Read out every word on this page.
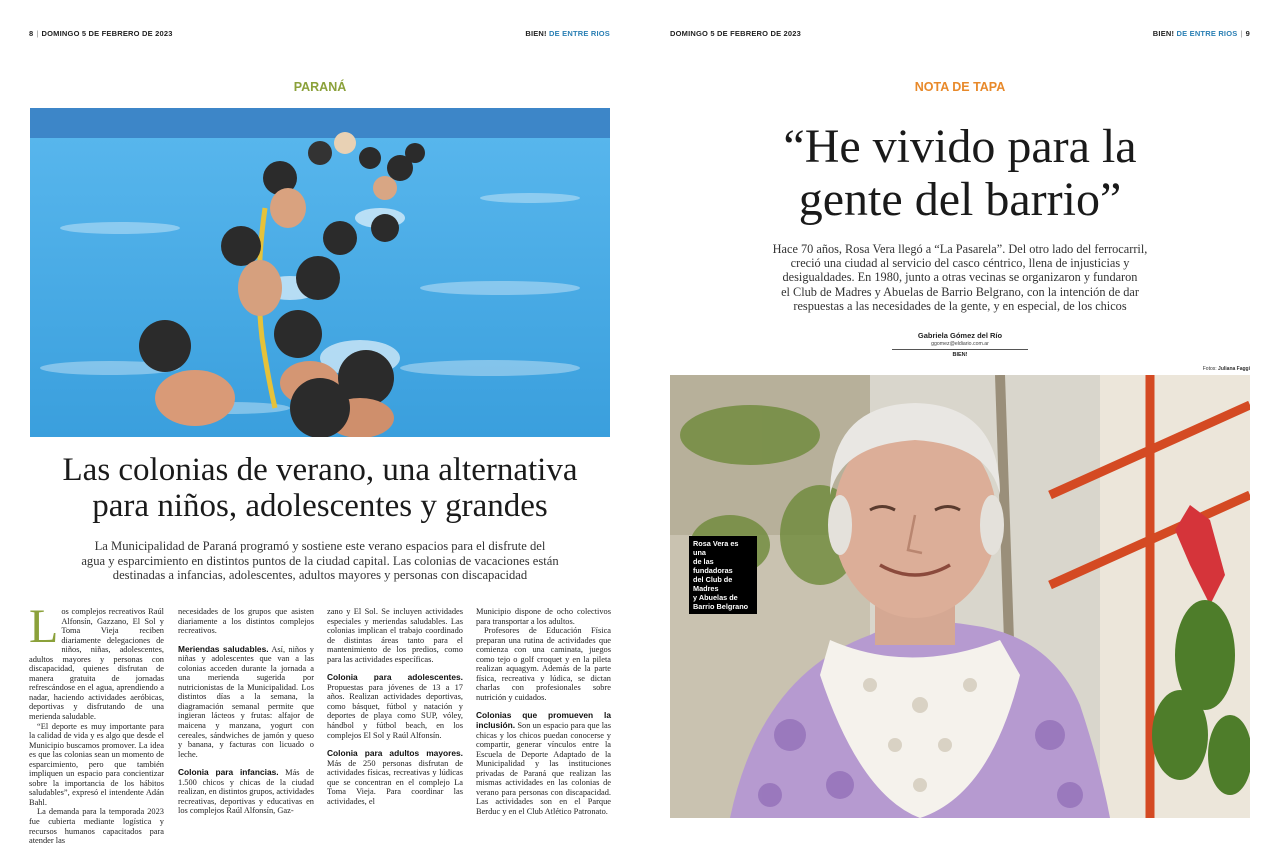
8 | DOMINGO 5 DE FEBRERO DE 2023	BIEN! DE ENTRE RIOS
PARANÁ
Las colonias de verano, una alternativa
para niños, adolescentes y grandes
La Municipalidad de Paraná programó y sostiene este verano espacios para el disfrute del
agua y esparcimiento en distintos puntos de la ciudad capital. Las colonias de vacaciones están
destinadas a infancias, adolescentes, adultos mayores y personas con discapacidad

Los complejos recreativos Raúl Alfonsín, Gazzano, El Sol y Toma Vieja reciben diariamente delegaciones de niños, niñas, adolescentes, adultos mayores y personas con discapacidad, quienes disfrutan de manera gratuita de jornadas refrescándose en el agua, aprendiendo a nadar, haciendo actividades aeróbicas, deportivas y disfrutando de una merienda saludable.

“El deporte es muy importante para la calidad de vida y es algo que desde el Municipio buscamos promover. La idea es que las colonias sean un momento de esparcimiento, pero que también impliquen un espacio para concientizar sobre la importancia de los hábitos saludables”, expresó el intendente Adán Bahl.

La demanda para la temporada 2023 fue cubierta mediante logística y recursos humanos capacitados para atender las

necesidades de los grupos que asisten diariamente a los distintos complejos recreativos.

Meriendas saludables. Así, niños y niñas y adolescentes que van a las colonias acceden durante la jornada a una merienda sugerida por nutricionistas de la Municipalidad. Los distintos días a la semana, la diagramación semanal permite que ingieran lácteos y frutas: alfajor de maicena y manzana, yogurt con cereales, sándwiches de jamón y queso y banana, y facturas con licuado o leche.

Colonia para infancias. Más de 1.500 chicos y chicas de la ciudad realizan, en distintos grupos, actividades recreativas, deportivas y educativas en los complejos Raúl Alfonsín, Gaz-

zano y El Sol. Se incluyen actividades especiales y meriendas saludables. Las colonias implican el trabajo coordinado de distintas áreas tanto para el mantenimiento de los predios, como para las actividades específicas.

Colonia para adolescentes. Propuestas para jóvenes de 13 a 17 años. Realizan actividades deportivas, como básquet, fútbol y natación y deportes de playa como SUP, vóley, hándbol y fútbol beach, en los complejos El Sol y Raúl Alfonsín.

Colonia para adultos mayores. Más de 250 personas disfrutan de actividades físicas, recreativas y lúdicas que se concentran en el complejo La Toma Vieja. Para coordinar las actividades, el

Municipio dispone de ocho colectivos para transportar a los adultos.

Profesores de Educación Física preparan una rutina de actividades que comienza con una caminata, juegos como tejo o golf croquet y en la pileta realizan aquagym. Además de la parte física, recreativa y lúdica, se dictan charlas con profesionales sobre nutrición y cuidados.

Colonias que promueven la inclusión. Son un espacio para que las chicas y los chicos puedan conocerse y compartir, generar vínculos entre la Escuela de Deporte Adaptado de la Municipalidad y las instituciones privadas de Paraná que realizan las mismas actividades en las colonias de verano para personas con discapacidad. Las actividades son en el Parque Berduc y en el Club Atlético Patronato.

DOMINGO 5 DE FEBRERO DE 2023	BIEN! DE ENTRE RIOS | 9
NOTA DE TAPA
“He vivido para la
gente del barrio”
Hace 70 años, Rosa Vera llegó a “La Pasarela”. Del otro lado del ferrocarril,
creció una ciudad al servicio del casco céntrico, llena de injusticias y
desigualdades. En 1980, junto a otras vecinas se organizaron y fundaron
el Club de Madres y Abuelas de Barrio Belgrano, con la intención de dar
respuestas a las necesidades de la gente, y en especial, de los chicos
Gabriela Gómez del Río
ggomez@eldiario.com.ar
BIEN!
Fotos: Juliana Faggi
Rosa Vera es una
de las fundadoras
del Club de Madres
y Abuelas de
Barrio Belgrano
